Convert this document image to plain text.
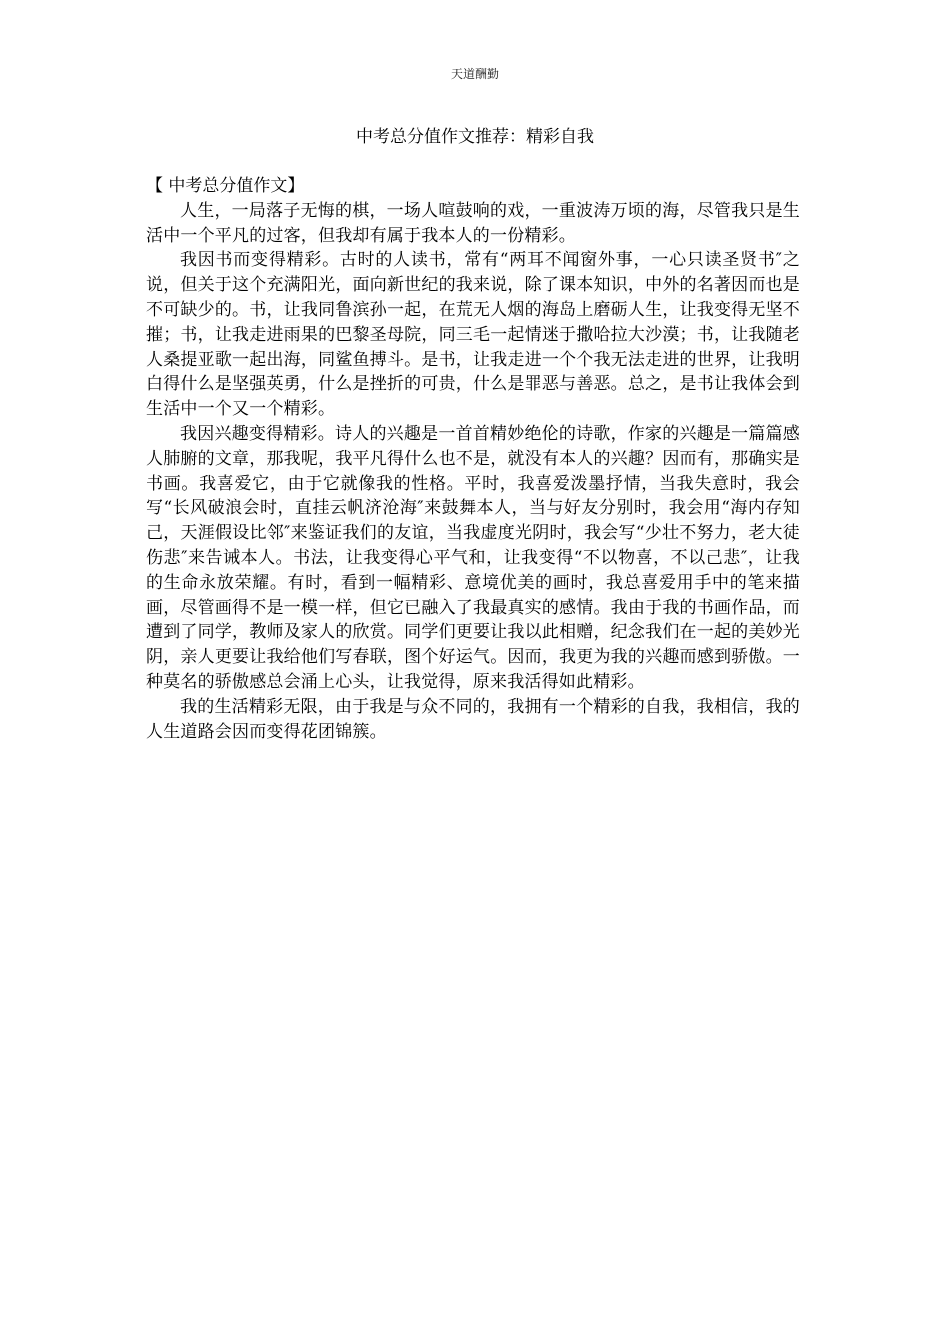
天道酬勤
中考总分值作文推荐：精彩自我

【 中考总分值作文】

人生，一局落子无悔的棋，一场人喧鼓响的戏，一重波涛万顷的海，尽管我只是生活中一个平凡的过客，但我却有属于我本人的一份精彩。

我因书而变得精彩。古时的人读书，常有“两耳不闻窗外事，一心只读圣贤书″之说，但关于这个充满阳光，面向新世纪的我来说，除了课本知识，中外的名著因而也是不可缺少的。书，让我同鲁滨孙一起，在荒无人烟的海岛上磨砺人生，让我变得无坚不摧；书，让我走进雨果的巴黎圣母院，同三毛一起情迷于撒哈拉大沙漠；书，让我随老人桑提亚歌一起出海，同鲨鱼搏斗。是书，让我走进一个个我无法走进的世界，让我明白得什么是坚强英勇，什么是挫折的可贵，什么是罪恶与善恶。总之，是书让我体会到生活中一个又一个精彩。

我因兴趣变得精彩。诗人的兴趣是一首首精妙绝伦的诗歌，作家的兴趣是一篇篇感人肺腑的文章，那我呢，我平凡得什么也不是，就没有本人的兴趣？因而有，那确实是书画。我喜爱它，由于它就像我的性格。平时，我喜爱泼墨抒情，当我失意时，我会写“长风破浪会时，直挂云帆济沧海″来鼓舞本人，当与好友分别时，我会用“海内存知己，天涯假设比邻″来鉴证我们的友谊，当我虚度光阴时，我会写“少壮不努力，老大徒伤悲″来告诫本人。书法，让我变得心平气和，让我变得“不以物喜，不以己悲″，让我的生命永放荣耀。有时，看到一幅精彩、意境优美的画时，我总喜爱用手中的笔来描画，尽管画得不是一模一样，但它已融入了我最真实的感情。我由于我的书画作品，而遭到了同学，教师及家人的欣赏。同学们更要让我以此相赠，纪念我们在一起的美妙光阴，亲人更要让我给他们写春联，图个好运气。因而，我更为我的兴趣而感到骄傲。一种莫名的骄傲感总会涌上心头，让我觉得，原来我活得如此精彩。

我的生活精彩无限，由于我是与众不同的，我拥有一个精彩的自我，我相信，我的人生道路会因而变得花团锦簇。
